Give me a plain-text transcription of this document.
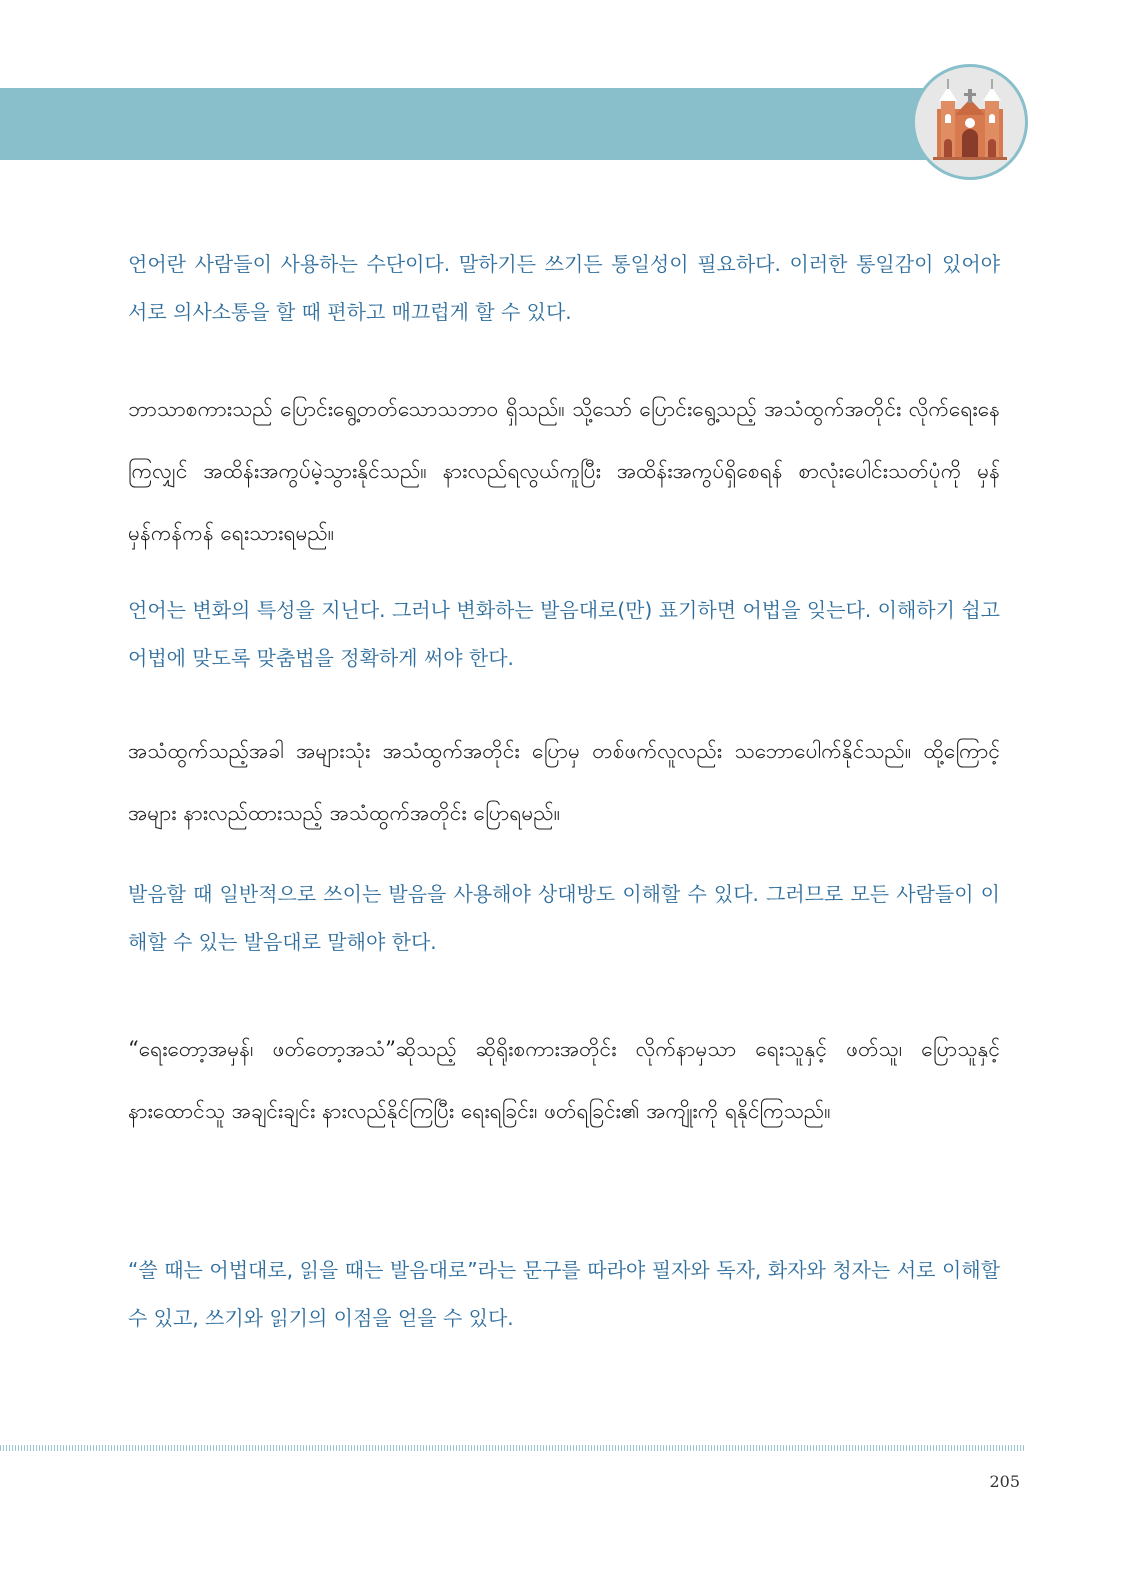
언어란 사람들이 사용하는 수단이다. 말하기든 쓰기든 통일성이 필요하다. 이러한 통일감이 있어야 서로 의사소통을 할 때 편하고 매끄럽게 할 수 있다.

ဘာသာစကားသည် ပြောင်းရွေ့တတ်သောသဘာဝ ရှိသည်။ သို့သော် ပြောင်းရွေ့သည့် အသံထွက်အတိုင်း လိုက်ရေးနေကြလျှင် အထိန်းအကွပ်မဲ့သွားနိုင်သည်။ နားလည်ရလွယ်ကူပြီး အထိန်းအကွပ်ရှိစေရန် စာလုံးပေါင်းသတ်ပုံကို မှန်မှန်ကန်ကန် ရေးသားရမည်။

언어는 변화의 특성을 지닌다. 그러나 변화하는 발음대로(만) 표기하면 어법을 잊는다. 이해하기 쉽고 어법에 맞도록 맞춤법을 정확하게 써야 한다.

အသံထွက်သည့်အခါ အများသုံး အသံထွက်အတိုင်း ပြောမှ တစ်ဖက်လူလည်း သဘောပေါက်နိုင်သည်။ ထို့ကြောင့် အများ နားလည်ထားသည့် အသံထွက်အတိုင်း ပြောရမည်။

발음할 때 일반적으로 쓰이는 발음을 사용해야 상대방도 이해할 수 있다. 그러므로 모든 사람들이 이해할 수 있는 발음대로 말해야 한다.

“ရေးတော့အမှန်၊ ဖတ်တော့အသံ”ဆိုသည့် ဆိုရိုးစကားအတိုင်း လိုက်နာမှသာ ရေးသူနှင့် ဖတ်သူ၊ ပြောသူနှင့် နားထောင်သူ အချင်းချင်း နားလည်နိုင်ကြပြီး ရေးရခြင်း၊ ဖတ်ရခြင်း၏ အကျိုးကို ရနိုင်ကြသည်။

“쓸 때는 어법대로, 읽을 때는 발음대로”라는 문구를 따라야 필자와 독자, 화자와 청자는 서로 이해할 수 있고, 쓰기와 읽기의 이점을 얻을 수 있다.

205
